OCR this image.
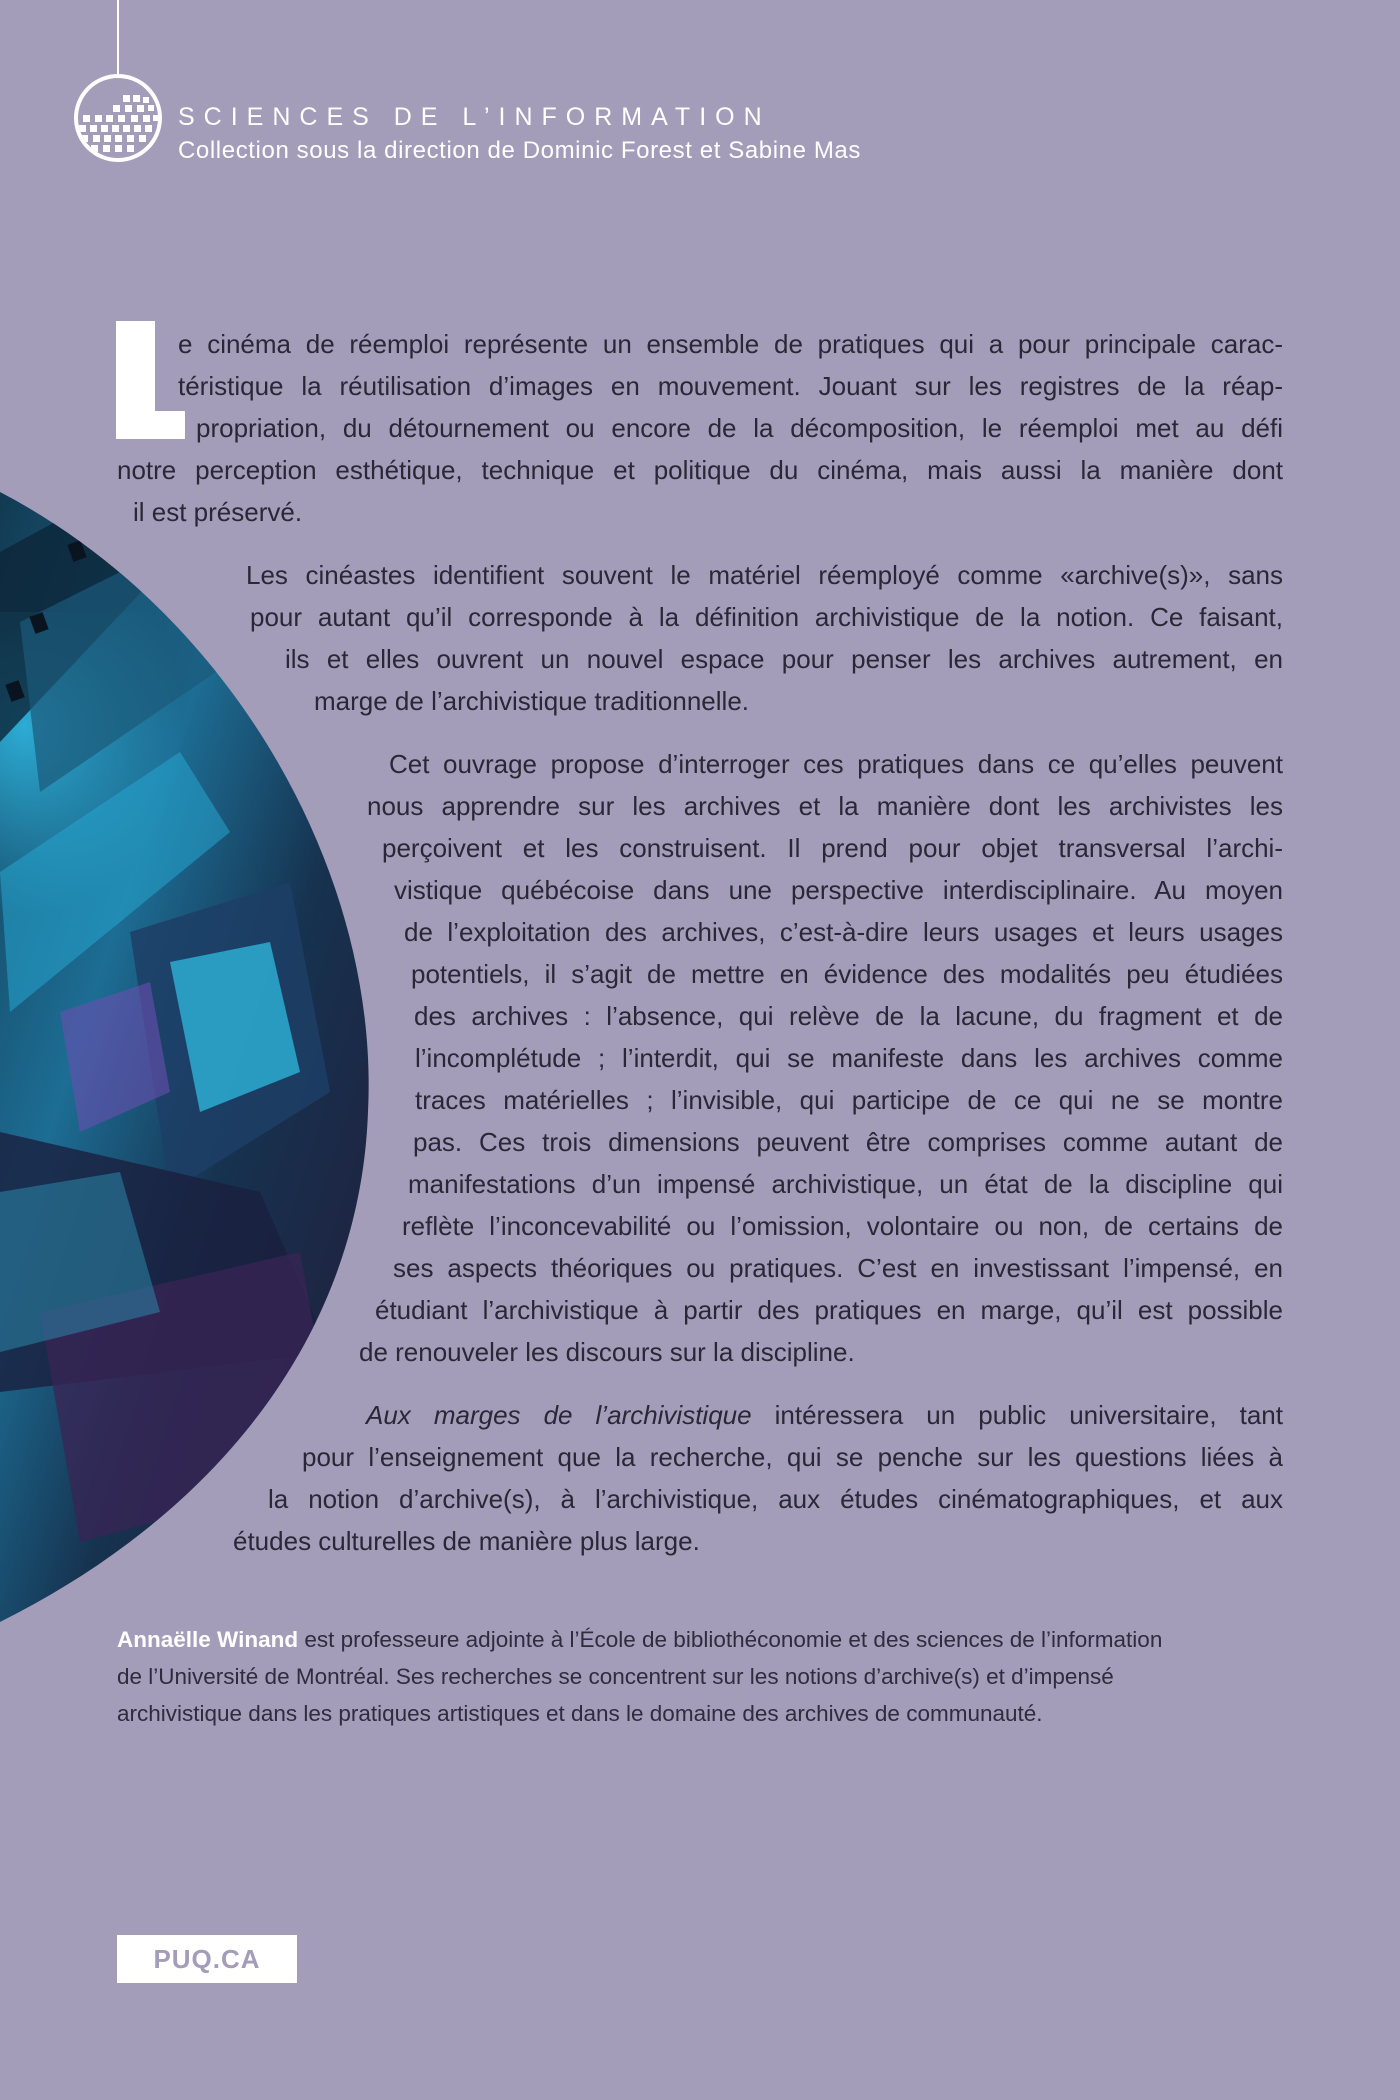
SCIENCES DE L’INFORMATION
Collection sous la direction de Dominic Forest et Sabine Mas
e cinéma de réemploi représente un ensemble de pratiques qui a pour principale carac-
téristique la réutilisation d’images en mouvement. Jouant sur les registres de la réap-
propriation, du détournement ou encore de la décomposition, le réemploi met au défi
notre perception esthétique, technique et politique du cinéma, mais aussi la manière dont
il est préservé.
Les cinéastes identifient souvent le matériel réemployé comme «archive(s)», sans
pour autant qu’il corresponde à la définition archivistique de la notion. Ce faisant,
ils et elles ouvrent un nouvel espace pour penser les archives autrement, en
marge de l’archivistique traditionnelle.
Cet ouvrage propose d’interroger ces pratiques dans ce qu’elles peuvent
nous apprendre sur les archives et la manière dont les archivistes les
perçoivent et les construisent. Il prend pour objet transversal l’archi-
vistique québécoise dans une perspective interdisciplinaire. Au moyen
de l’exploitation des archives, c’est-à-dire leurs usages et leurs usages
potentiels, il s’agit de mettre en évidence des modalités peu étudiées
des archives : l’absence, qui relève de la lacune, du fragment et de
l’incomplétude ; l’interdit, qui se manifeste dans les archives comme
traces matérielles ; l’invisible, qui participe de ce qui ne se montre
pas. Ces trois dimensions peuvent être comprises comme autant de
manifestations d’un impensé archivistique, un état de la discipline qui
reflète l’inconcevabilité ou l’omission, volontaire ou non, de certains de
ses aspects théoriques ou pratiques. C’est en investissant l’impensé, en
étudiant l’archivistique à partir des pratiques en marge, qu’il est possible
de renouveler les discours sur la discipline.
Aux marges de l’archivistique intéressera un public universitaire, tant
pour l’enseignement que la recherche, qui se penche sur les questions liées à
la notion d’archive(s), à l’archivistique, aux études cinématographiques, et aux
études culturelles de manière plus large.
Annaëlle Winand est professeure adjointe à l’École de bibliothéconomie et des sciences de l’information
de l’Université de Montréal. Ses recherches se concentrent sur les notions d’archive(s) et d’impensé
archivistique dans les pratiques artistiques et dans le domaine des archives de communauté.
PUQ.CA
